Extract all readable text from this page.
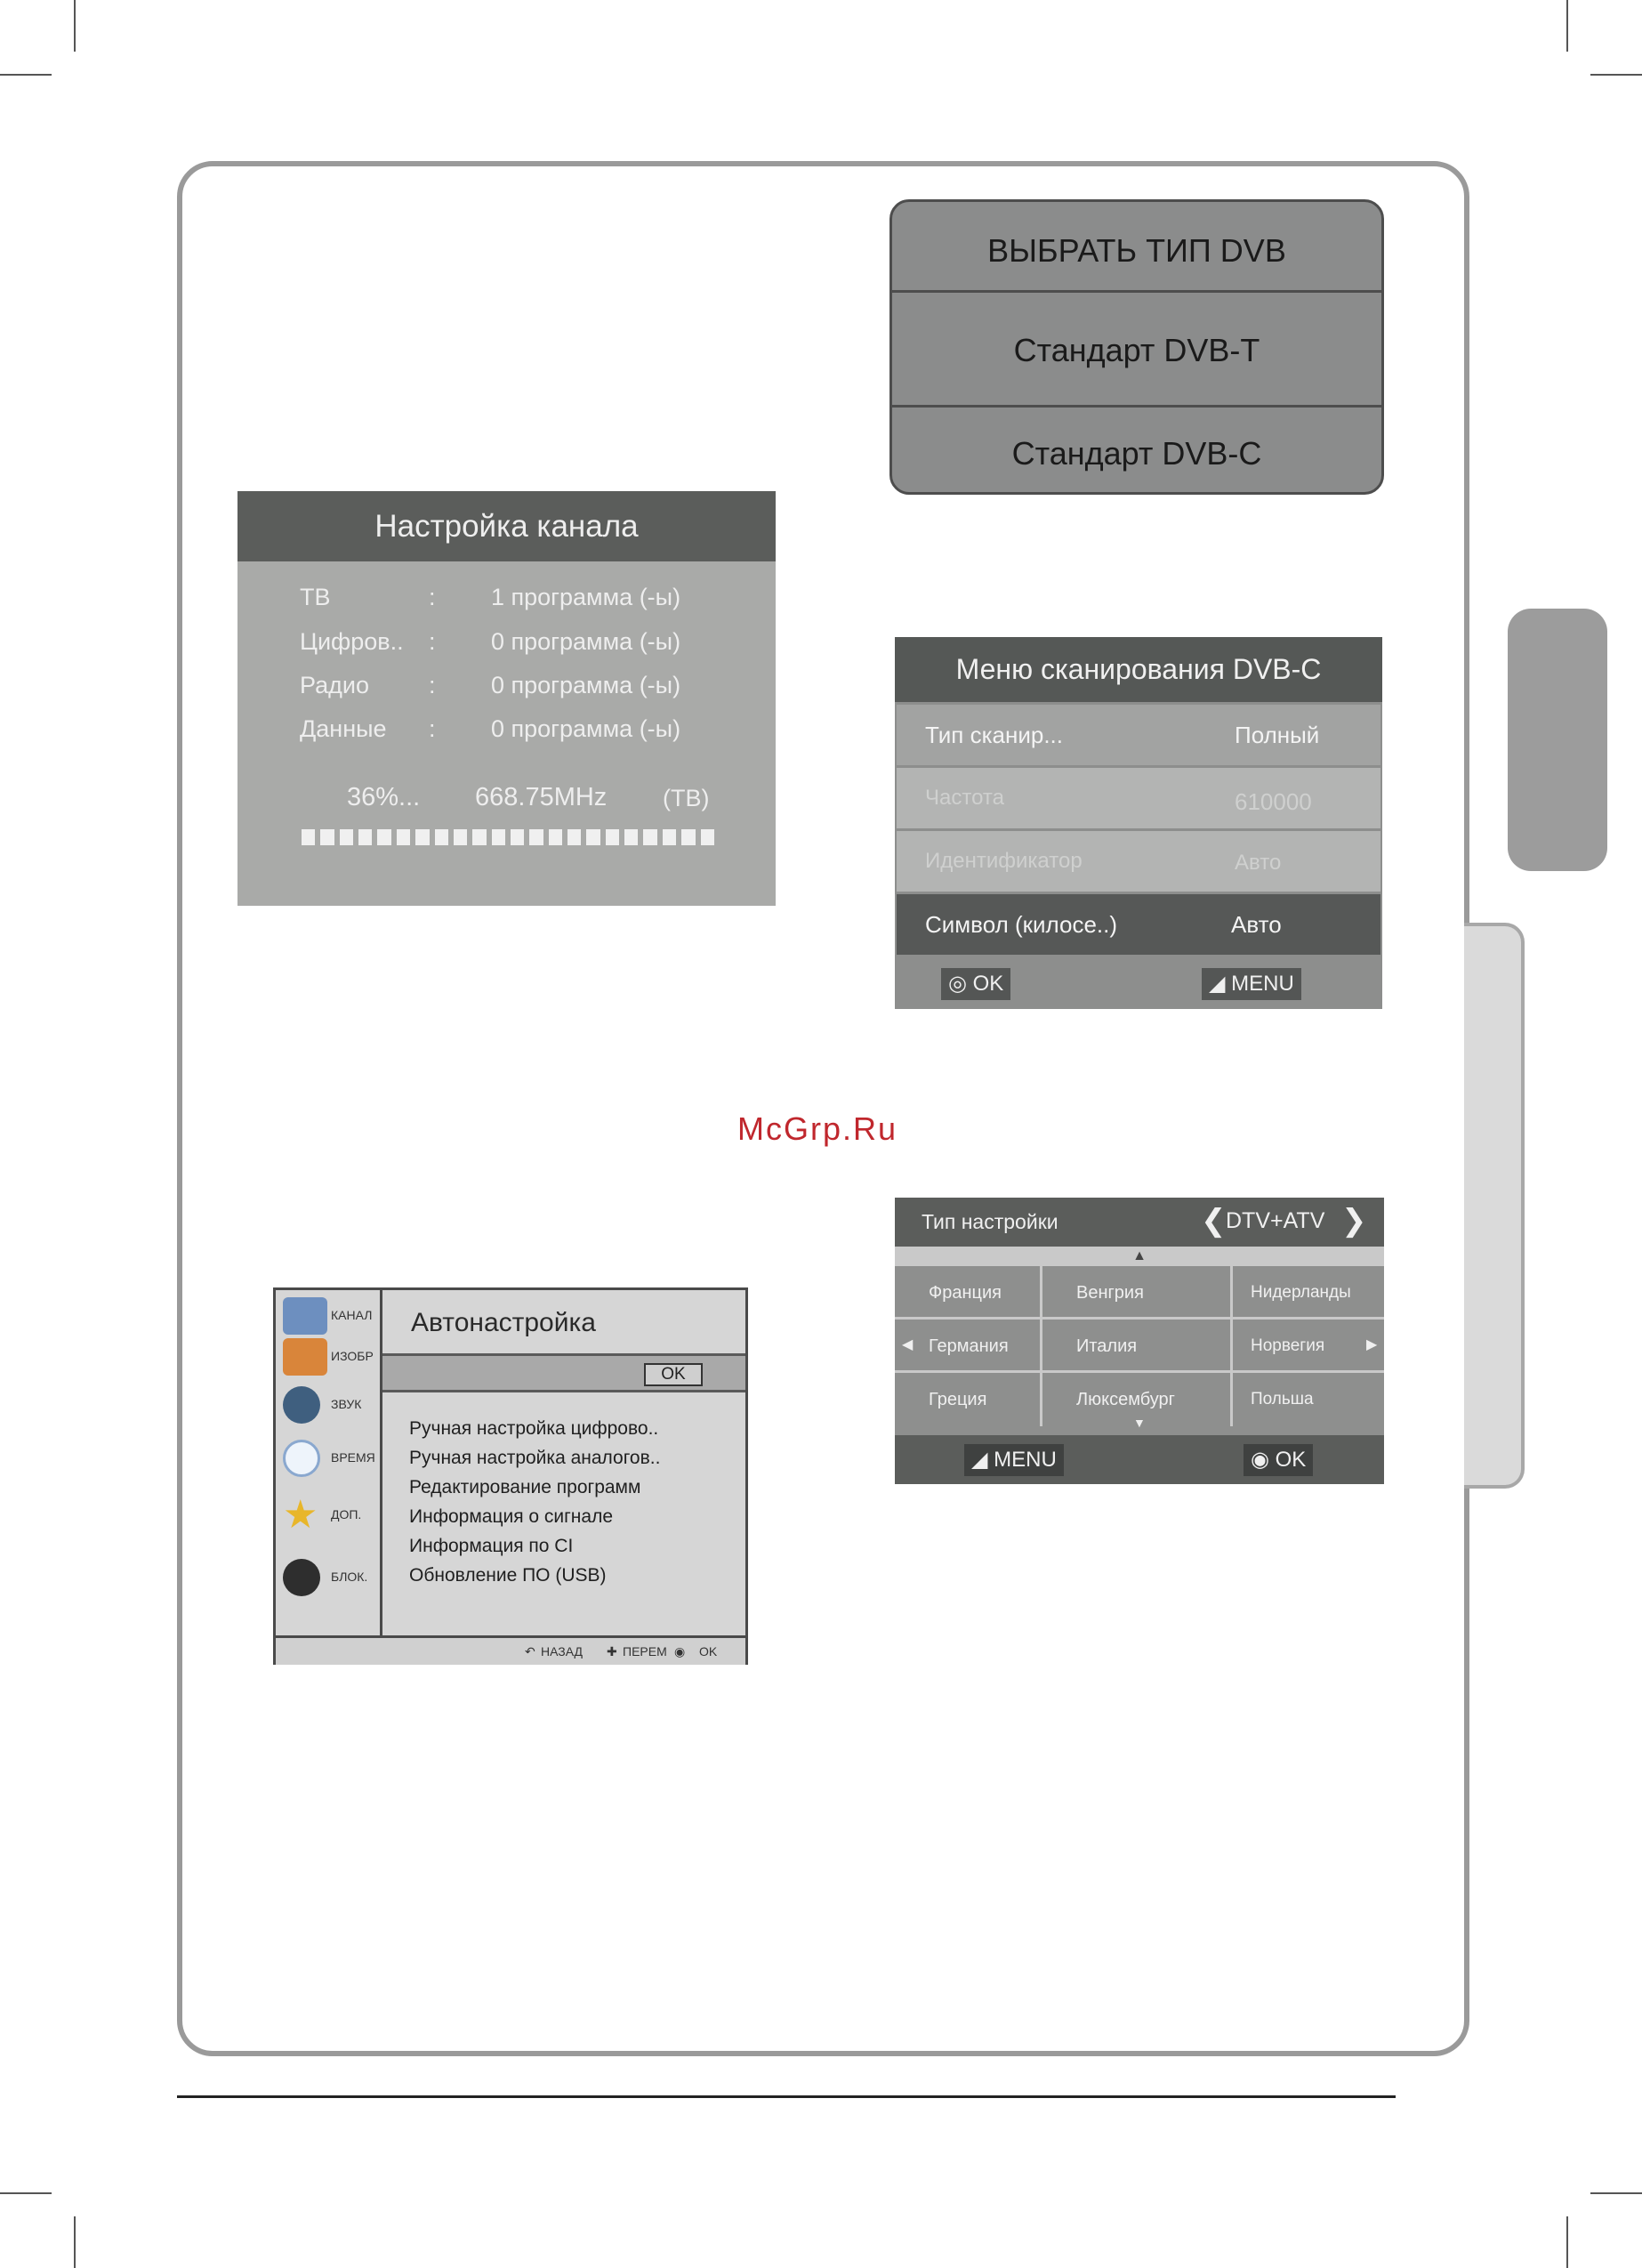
ВЫБРАТЬ ТИП DVB
Стандарт DVB-T
Стандарт DVB-C
Настройка канала
ТВ	: 1 программа (-ы)
Цифров.. : 0 программа (-ы)
Радио : 0 программа (-ы)
Данные : 0 программа (-ы)
36%... 668.75MHz (ТВ)
Меню сканирования DVB-C
Тип сканир...	Полный
Частота	610000
Идентификатор	Авто
Символ (килосе..)	Авто
◎ OK	◢ MENU
McGrp.Ru
КАНАЛ
ИЗОБР
ЗВУК
ВРЕМЯ
★	ДОП.
БЛОК.
Автонастройка
OK
Ручная настройка цифрово..
Ручная настройка аналогов..
Редактирование программ
Информация о сигнале
Информация по CI
Обновление ПО (USB)
↶ НАЗАД ✚ ПЕРЕМ ◉ OK
Тип настройки	❮ DTV+ATV ❯
▲
Франция	Венгрия	Нидерланды
Германия	Италия	Норвегия
Греция	Люксембург	Польша
◀	▶
▼
◢ MENU	◉ OK
